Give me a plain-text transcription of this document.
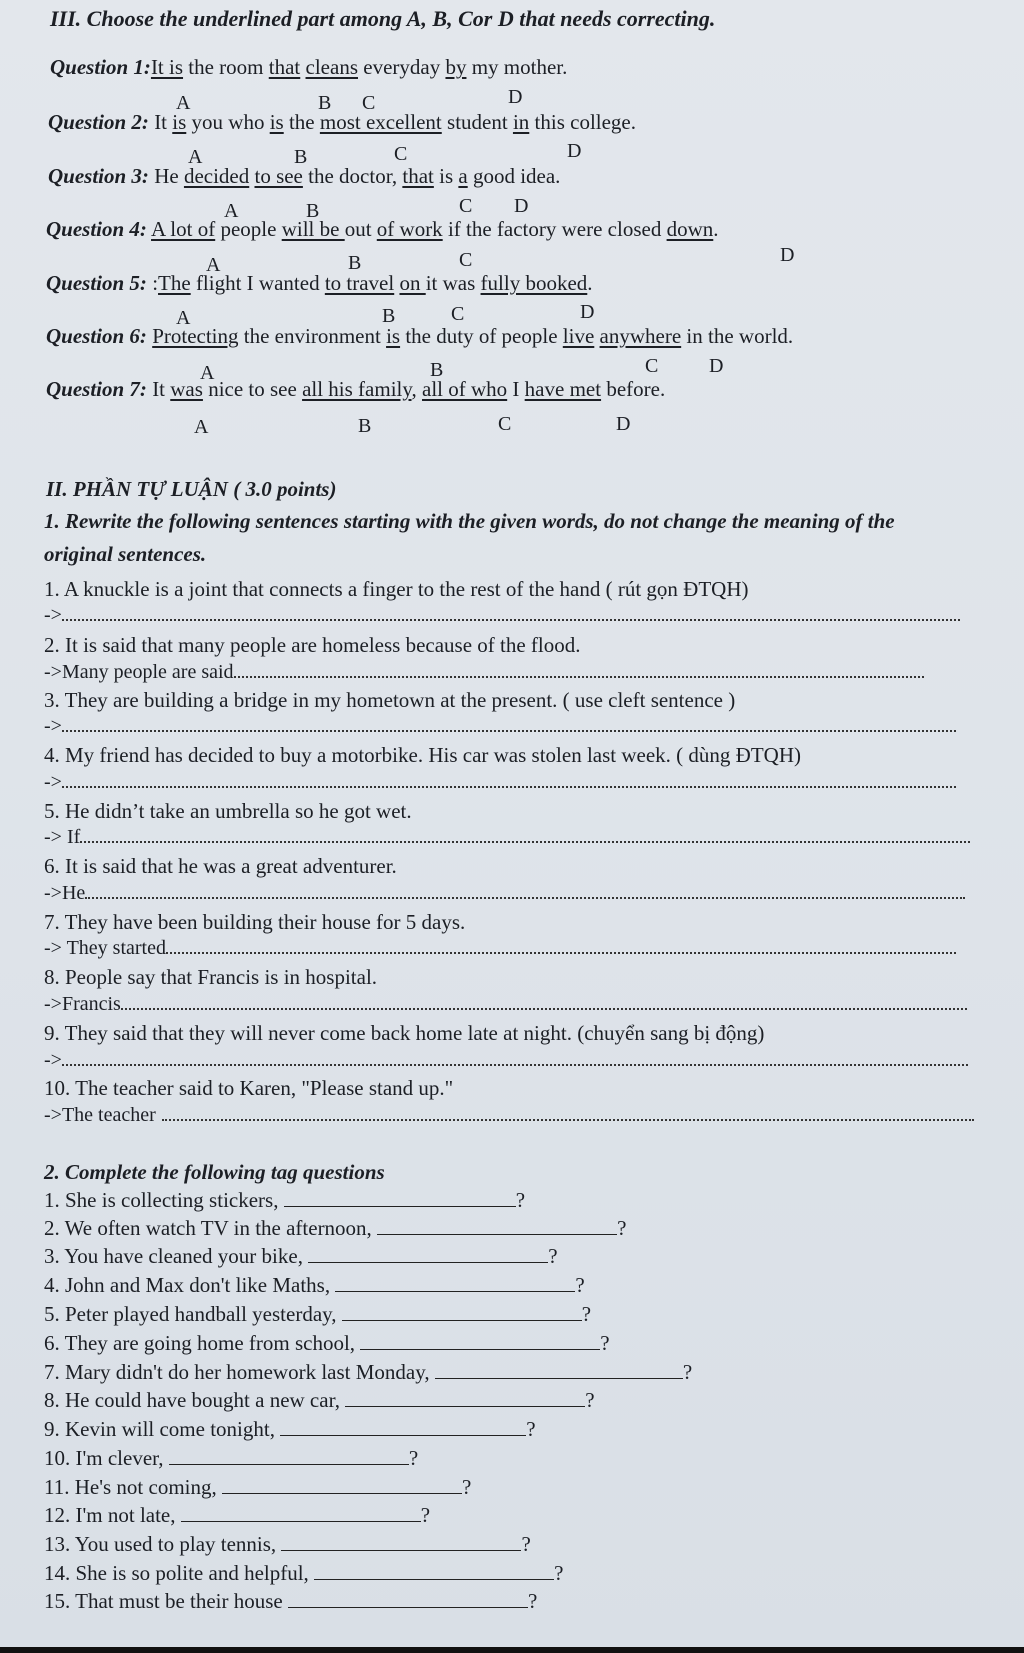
III. Choose the underlined part among A, B, Cor D that needs correcting.
Question 1:It is the room that cleans everyday by my mother.
A	B C	D
Question 2: It is you who is the most excellent student in this college.
A	B	C	D
Question 3: He decided to see the doctor, that is a good idea.
A	B	C D
Question 4: A lot of people will be out of work if the factory were closed down.
A	B	C	D
Question 5: :The flight I wanted to travel on it was fully booked.
A	B	C	D
Question 6: Protecting the environment is the duty of people live anywhere in the world.
A	B	C	D
Question 7: It was nice to see all his family, all of who I have met before.
A	B	C	D
II. PHẦN TỰ LUẬN ( 3.0 points)
1. Rewrite the following sentences starting with the given words, do not change the meaning of the
original sentences.
1. A knuckle is a joint that connects a finger to the rest of the hand ( rút gọn ĐTQH)
->
2. It is said that many people are homeless because of the flood.
->Many people are said
3. They are building a bridge in my hometown at the present. ( use cleft sentence )
->
4. My friend has decided to buy a motorbike. His car was stolen last week. ( dùng ĐTQH)
->
5. He didn’t take an umbrella so he got wet.
-> If
6. It is said that he was a great adventurer.
->He
7. They have been building their house for 5 days.
-> They started
8. People say that Francis is in hospital.
->Francis
9. They said that they will never come back home late at night. (chuyển sang bị động)
->
10. The teacher said to Karen, "Please stand up."
->The teacher
2. Complete the following tag questions
1. She is collecting stickers,	?
2. We often watch TV in the afternoon,	?
3. You have cleaned your bike,	?
4. John and Max don't like Maths,	?
5. Peter played handball yesterday,	?
6. They are going home from school,	?
7. Mary didn't do her homework last Monday,	?
8. He could have bought a new car,	?
9. Kevin will come tonight,	?
10. I'm clever,	?
11. He's not coming,	?
12. I'm not late,	?
13. You used to play tennis,	?
14. She is so polite and helpful,	?
15. That must be their house	?
